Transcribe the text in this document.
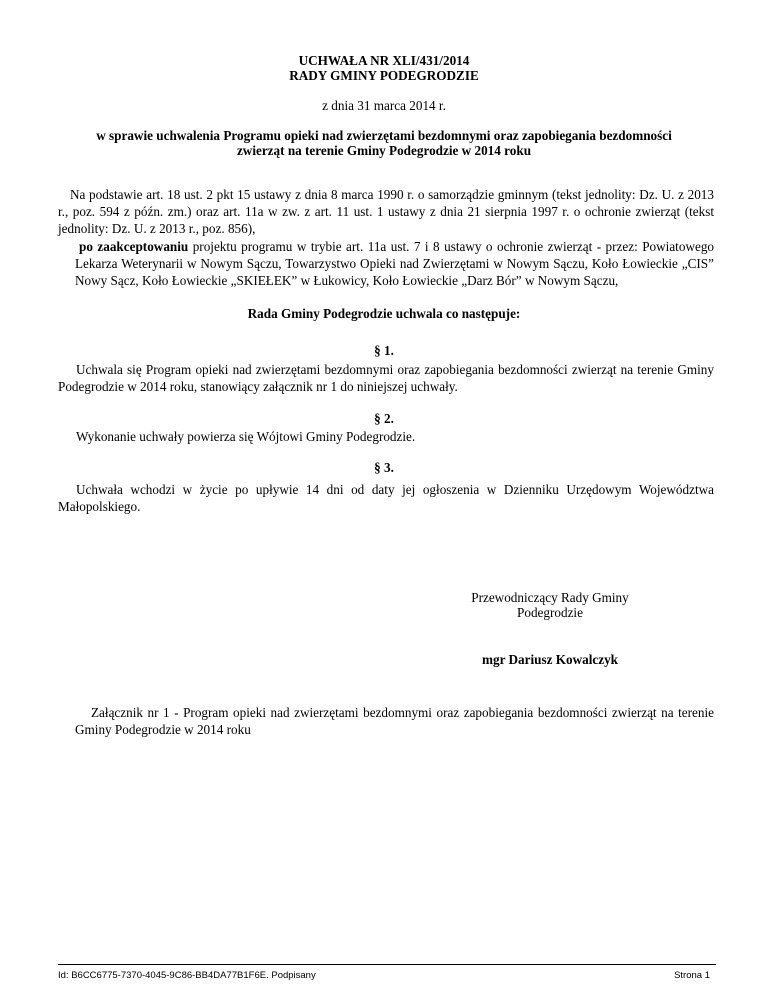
UCHWAŁA NR XLI/431/2014
RADY GMINY PODEGRODZIE
z dnia 31 marca 2014 r.
w sprawie uchwalenia Programu opieki nad zwierzętami bezdomnymi oraz zapobiegania bezdomności
zwierząt na terenie Gminy Podegrodzie w 2014 roku

Na podstawie art. 18 ust. 2 pkt 15 ustawy z dnia 8 marca 1990 r. o samorządzie gminnym (tekst jednolity: Dz. U. z 2013 r., poz. 594 z późn. zm.) oraz art. 11a w zw. z art. 11 ust. 1 ustawy z dnia 21 sierpnia 1997 r. o ochronie zwierząt (tekst jednolity: Dz. U. z 2013 r., poz. 856),

po zaakceptowaniu projektu programu w trybie art. 11a ust. 7 i 8 ustawy o ochronie zwierząt - przez: Powiatowego Lekarza Weterynarii w Nowym Sączu, Towarzystwo Opieki nad Zwierzętami w Nowym Sączu, Koło Łowieckie „CIS” Nowy Sącz, Koło Łowieckie „SKIEŁEK” w Łukowicy, Koło Łowieckie „Darz Bór” w Nowym Sączu,

Rada Gminy Podegrodzie uchwala co następuje:
§ 1.

Uchwala się Program opieki nad zwierzętami bezdomnymi oraz zapobiegania bezdomności zwierząt na terenie Gminy Podegrodzie w 2014 roku, stanowiący załącznik nr 1 do niniejszej uchwały.

§ 2.

Wykonanie uchwały powierza się Wójtowi Gminy Podegrodzie.

§ 3.

Uchwała wchodzi w życie po upływie 14 dni od daty jej ogłoszenia w Dzienniku Urzędowym Województwa Małopolskiego.

Przewodniczący Rady Gminy
Podegrodzie
mgr Dariusz Kowalczyk

Załącznik nr 1 - Program opieki nad zwierzętami bezdomnymi oraz zapobiegania bezdomności zwierząt na terenie Gminy Podegrodzie w 2014 roku

Id: B6CC6775-7370-4045-9C86-BB4DA77B1F6E. Podpisany	Strona 1
